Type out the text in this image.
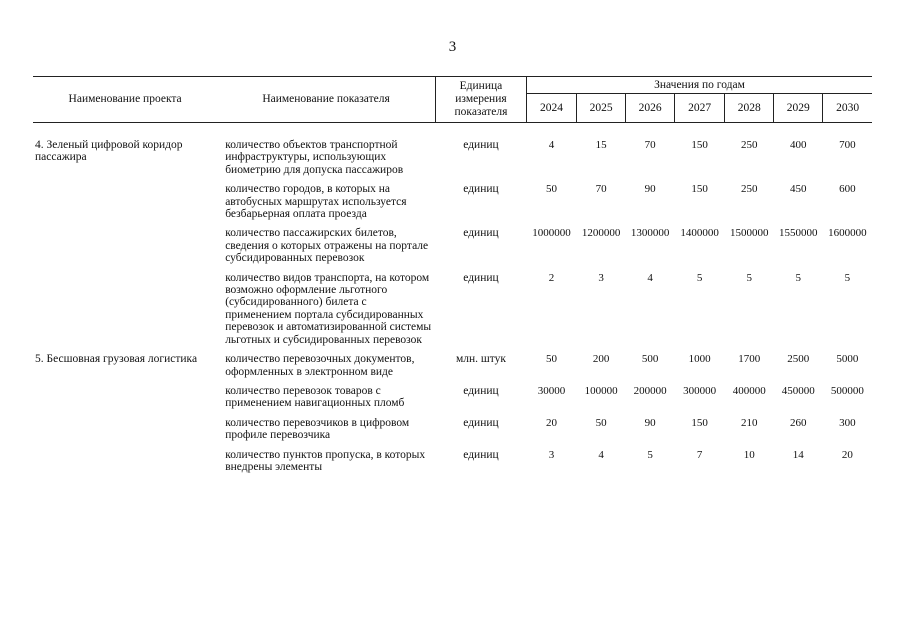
3
Наименование проекта	Наименование показателя	Единица измерения показателя	Значения по годам						
			2024	2025	2026	2027	2028	2029	2030

4. Зеленый цифровой коридор пассажира	количество объектов транспортной инфраструктуры, использующих биометрию для допуска пассажиров	единиц	4	15	70	150	250	400	700
	количество городов, в которых на автобусных маршрутах используется безбарьерная оплата проезда	единиц	50	70	90	150	250	450	600
	количество пассажирских билетов, сведения о которых отражены на портале субсидированных перевозок	единиц	1000000	1200000	1300000	1400000	1500000	1550000	1600000
	количество видов транспорта, на котором возможно оформление льготного (субсидированного) билета с применением портала субсидированных перевозок и автоматизированной системы льготных и субсидированных перевозок	единиц	2	3	4	5	5	5	5
5. Бесшовная грузовая логистика	количество перевозочных документов, оформленных в электронном виде	млн. штук	50	200	500	1000	1700	2500	5000
	количество перевозок товаров с применением навигационных пломб	единиц	30000	100000	200000	300000	400000	450000	500000
	количество перевозчиков в цифровом профиле перевозчика	единиц	20	50	90	150	210	260	300
	количество пунктов пропуска, в которых внедрены элементы	единиц	3	4	5	7	10	14	20
